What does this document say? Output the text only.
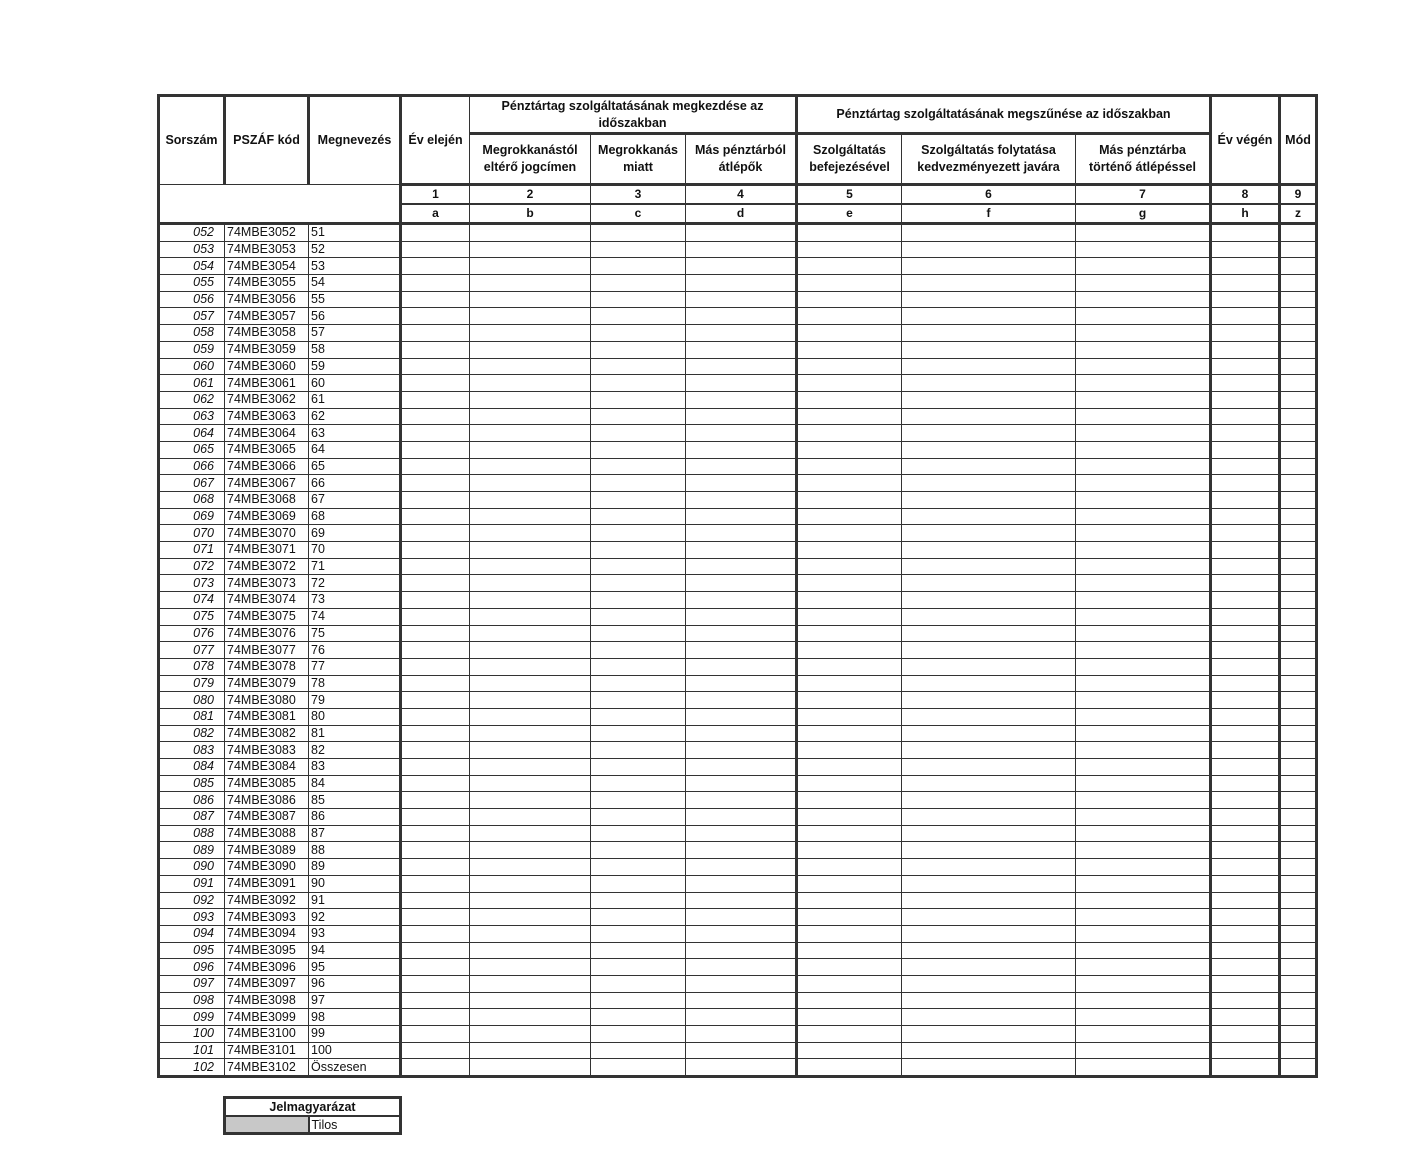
Sorszám	PSZÁF kód	Megnevezés	Év elején	Pénztártag szolgáltatásának megkezdése az időszakban			Pénztártag szolgáltatásának megszűnése az időszakban			Év végén	Mód
				Megrokkanástól eltérő jogcímen	Megrokkanás miatt	Más pénztárból átlépők	Szolgáltatás befejezésével	Szolgáltatás folytatása kedvezményezett javára	Más pénztárba történő átlépéssel		
			1	2	3	4	5	6	7	8	9
			a	b	c	d	e	f	g	h	z
052	74MBE3052	51									
053	74MBE3053	52									
054	74MBE3054	53									
055	74MBE3055	54									
056	74MBE3056	55									
057	74MBE3057	56									
058	74MBE3058	57									
059	74MBE3059	58									
060	74MBE3060	59									
061	74MBE3061	60									
062	74MBE3062	61									
063	74MBE3063	62									
064	74MBE3064	63									
065	74MBE3065	64									
066	74MBE3066	65									
067	74MBE3067	66									
068	74MBE3068	67									
069	74MBE3069	68									
070	74MBE3070	69									
071	74MBE3071	70									
072	74MBE3072	71									
073	74MBE3073	72									
074	74MBE3074	73									
075	74MBE3075	74									
076	74MBE3076	75									
077	74MBE3077	76									
078	74MBE3078	77									
079	74MBE3079	78									
080	74MBE3080	79									
081	74MBE3081	80									
082	74MBE3082	81									
083	74MBE3083	82									
084	74MBE3084	83									
085	74MBE3085	84									
086	74MBE3086	85									
087	74MBE3087	86									
088	74MBE3088	87									
089	74MBE3089	88									
090	74MBE3090	89									
091	74MBE3091	90									
092	74MBE3092	91									
093	74MBE3093	92									
094	74MBE3094	93									
095	74MBE3095	94									
096	74MBE3096	95									
097	74MBE3097	96									
098	74MBE3098	97									
099	74MBE3099	98									
100	74MBE3100	99									
101	74MBE3101	100									
102	74MBE3102	Összesen									
Jelmagyarázat
	Tilos
